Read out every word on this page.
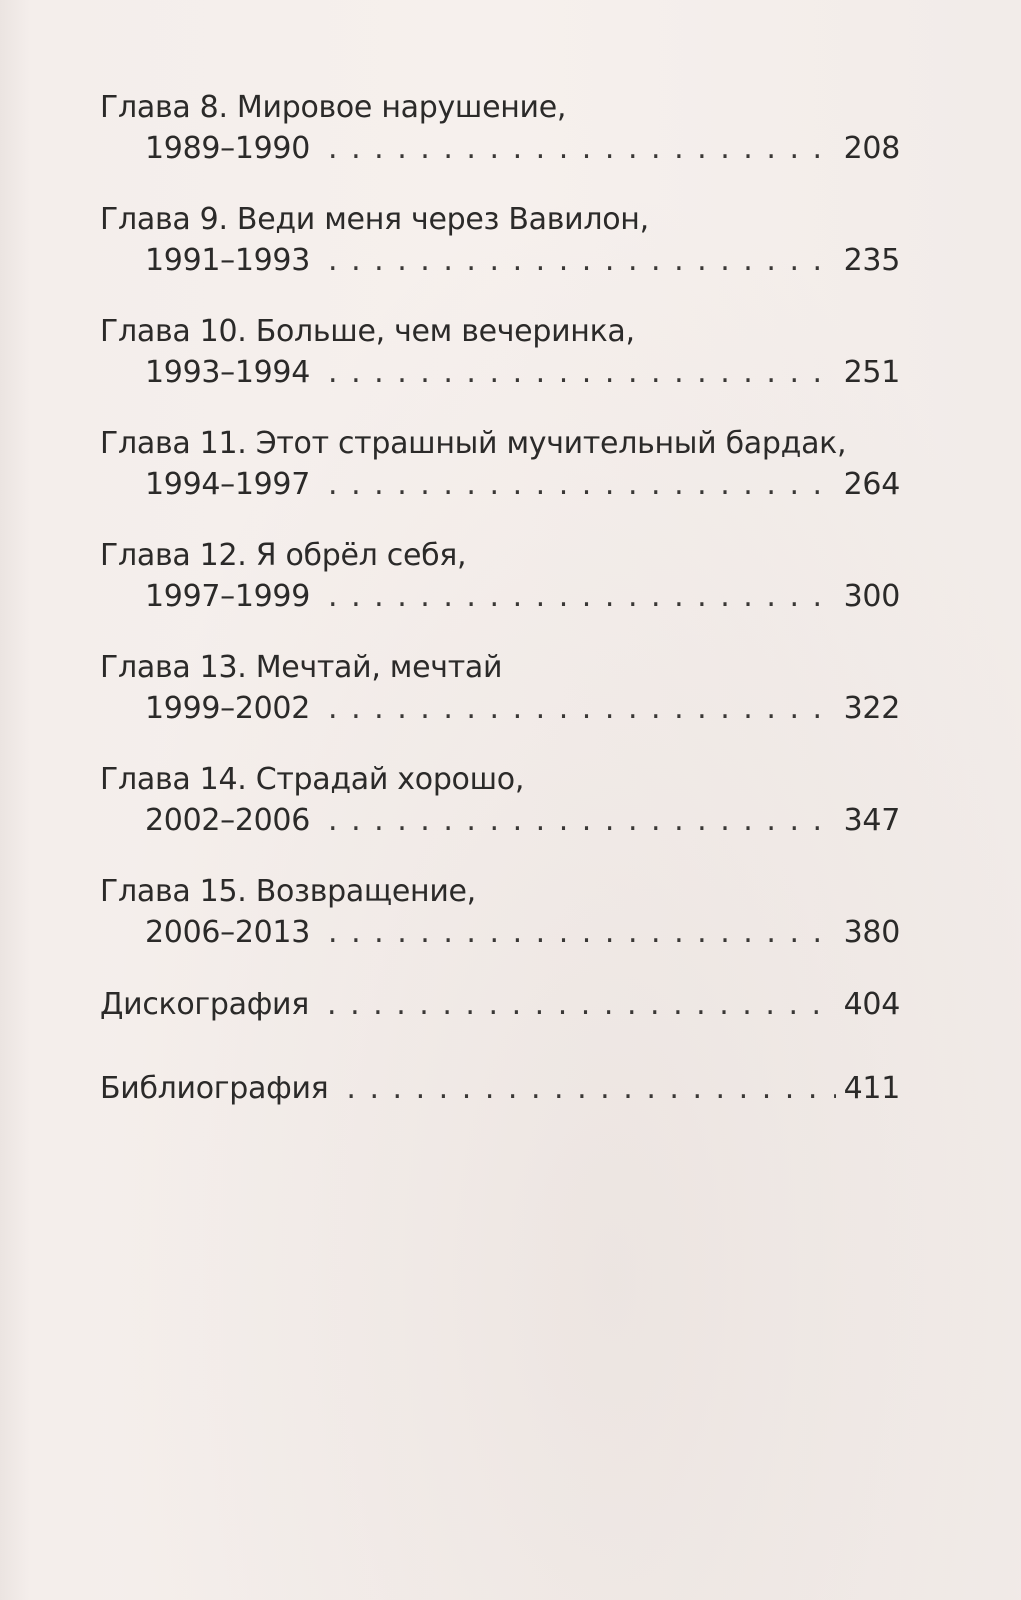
Глава 8. Мировое нарушение,
1989–1990 . . .	208
Глава 9. Веди меня через Вавилон,
1991–1993 . . .	235
Глава 10. Больше, чем вечеринка,
1993–1994 . . .	251
Глава 11. Этот страшный мучительный бардак,
1994–1997 . . .	264
Глава 12. Я обрёл себя,
1997–1999 . . .	300
Глава 13. Мечтай, мечтай
1999–2002 . . .	322
Глава 14. Страдай хорошо,
2002–2006 . . .	347
Глава 15. Возвращение,
2006–2013 . . .	380
Дискография . . .	404
Библиография . . .	411
